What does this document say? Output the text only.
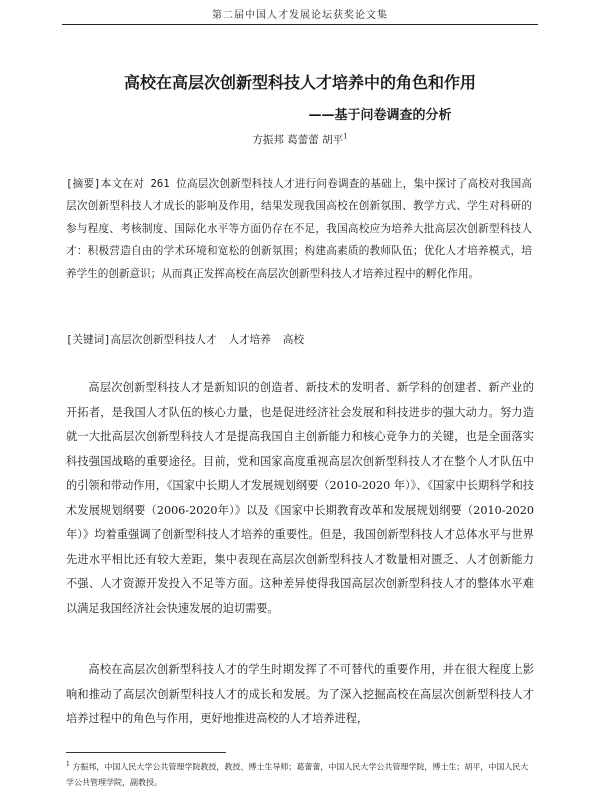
第二届中国人才发展论坛获奖论文集
高校在高层次创新型科技人才培养中的角色和作用
——基于问卷调查的分析
方振邦 葛蕾蕾 胡平$^1$
[摘要]本文在对 261 位高层次创新型科技人才进行问卷调查的基础上，集中探讨了高校对我国高层次创新型科技人才成长的影响及作用，结果发现我国高校在创新氛围、教学方式、学生对科研的参与程度、考核制度、国际化水平等方面仍存在不足，我国高校应为培养大批高层次创新型科技人才：积极营造自由的学术环境和宽松的创新氛围；构建高素质的教师队伍；优化人才培养模式，培养学生的创新意识；从而真正发挥高校在高层次创新型科技人才培养过程中的孵化作用。
[关键词]高层次创新型科技人才 人才培养 高校
高层次创新型科技人才是新知识的创造者、新技术的发明者、新学科的创建者、新产业的开拓者，是我国人才队伍的核心力量，也是促进经济社会发展和科技进步的强大动力。努力造就一大批高层次创新型科技人才是提高我国自主创新能力和核心竞争力的关键，也是全面落实科技强国战略的重要途径。目前，党和国家高度重视高层次创新型科技人才在整个人才队伍中的引领和带动作用，《国家中长期人才发展规划纲要（2010-2020 年）》、《国家中长期科学和技术发展规划纲要（2006-2020年）》以及《国家中长期教育改革和发展规划纲要（2010-2020 年）》均着重强调了创新型科技人才培养的重要性。但是，我国创新型科技人才总体水平与世界先进水平相比还有较大差距，集中表现在高层次创新型科技人才数量相对匮乏、人才创新能力不强、人才资源开发投入不足等方面。这种差异使得我国高层次创新型科技人才的整体水平难以满足我国经济社会快速发展的迫切需要。
高校在高层次创新型科技人才的学生时期发挥了不可替代的重要作用，并在很大程度上影响和推动了高层次创新型科技人才的成长和发展。为了深入挖掘高校在高层次创新型科技人才培养过程中的角色与作用，更好地推进高校的人才培养进程，
$^1$ 方振邦，中国人民大学公共管理学院教授，教授、博士生导师；葛蕾蕾，中国人民大学公共管理学院，博士生；胡平，中国人民大学公共管理学院，副教授。
